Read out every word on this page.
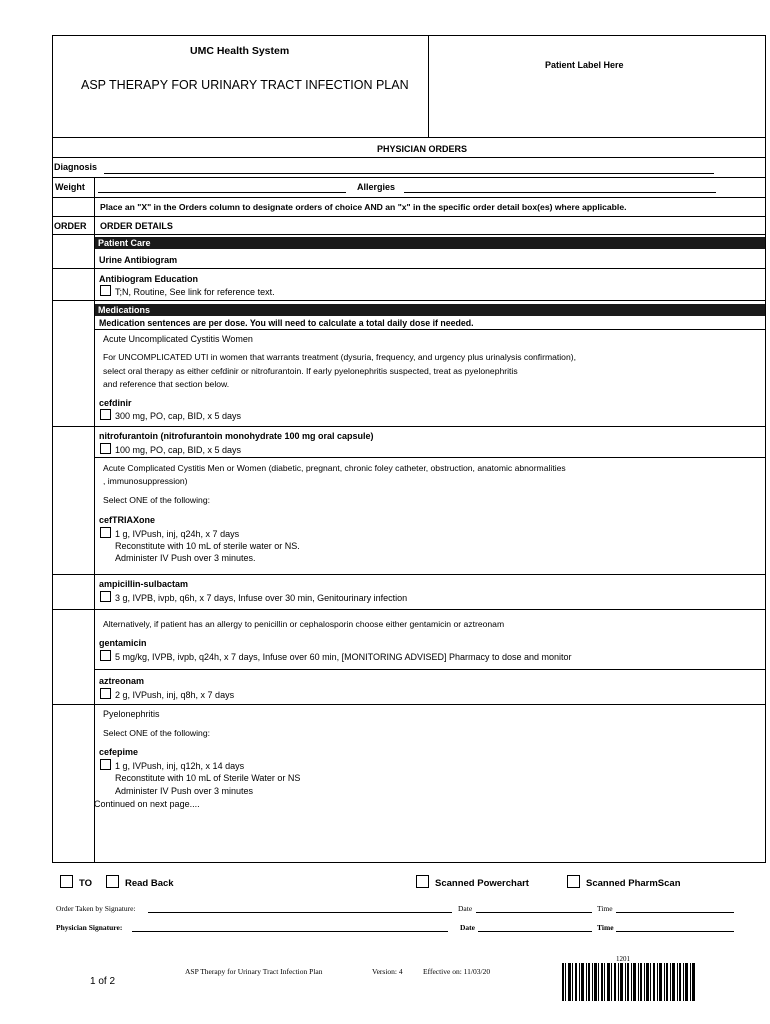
UMC Health System
ASP THERAPY FOR URINARY TRACT INFECTION PLAN
Patient Label Here
PHYSICIAN ORDERS
Diagnosis
Weight	Allergies
Place an "X" in the Orders column to designate orders of choice AND an "x" in the specific order detail box(es) where applicable.
ORDER ORDER DETAILS
Patient Care
Urine Antibiogram
Antibiogram Education
T;N, Routine, See link for reference text.
Medications
Medication sentences are per dose. You will need to calculate a total daily dose if needed.
Acute Uncomplicated Cystitis Women
For UNCOMPLICATED UTI in women that warrants treatment (dysuria, frequency, and urgency plus urinalysis confirmation),
select oral therapy as either cefdinir or nitrofurantoin. If early pyelonephritis suspected, treat as pyelonephritis
and reference that section below.
cefdinir
300 mg, PO, cap, BID, x 5 days
nitrofurantoin (nitrofurantoin monohydrate 100 mg oral capsule)
100 mg, PO, cap, BID, x 5 days
Acute Complicated Cystitis Men or Women (diabetic, pregnant, chronic foley catheter, obstruction, anatomic abnormalities
, immunosuppression)
Select ONE of the following:
cefTRIAXone
1 g, IVPush, inj, q24h, x 7 days
Reconstitute with 10 mL of sterile water or NS.
Administer IV Push over 3 minutes.
ampicillin-sulbactam
3 g, IVPB, ivpb, q6h, x 7 days, Infuse over 30 min, Genitourinary infection
Alternatively, if patient has an allergy to penicillin or cephalosporin choose either gentamicin or aztreonam
gentamicin
5 mg/kg, IVPB, ivpb, q24h, x 7 days, Infuse over 60 min, [MONITORING ADVISED] Pharmacy to dose and monitor
aztreonam
2 g, IVPush, inj, q8h, x 7 days
Pyelonephritis
Select ONE of the following:
cefepime
1 g, IVPush, inj, q12h, x 14 days
Reconstitute with 10 mL of Sterile Water or NS
Administer IV Push over 3 minutes
Continued on next page....
TO	Read Back	Scanned Powerchart	Scanned PharmScan
Order Taken by Signature:	Date	Time
Physician Signature:	Date	Time
ASP Therapy for Urinary Tract Infection Plan	Version: 4	Effective on: 11/03/20
1 of 2
1201
